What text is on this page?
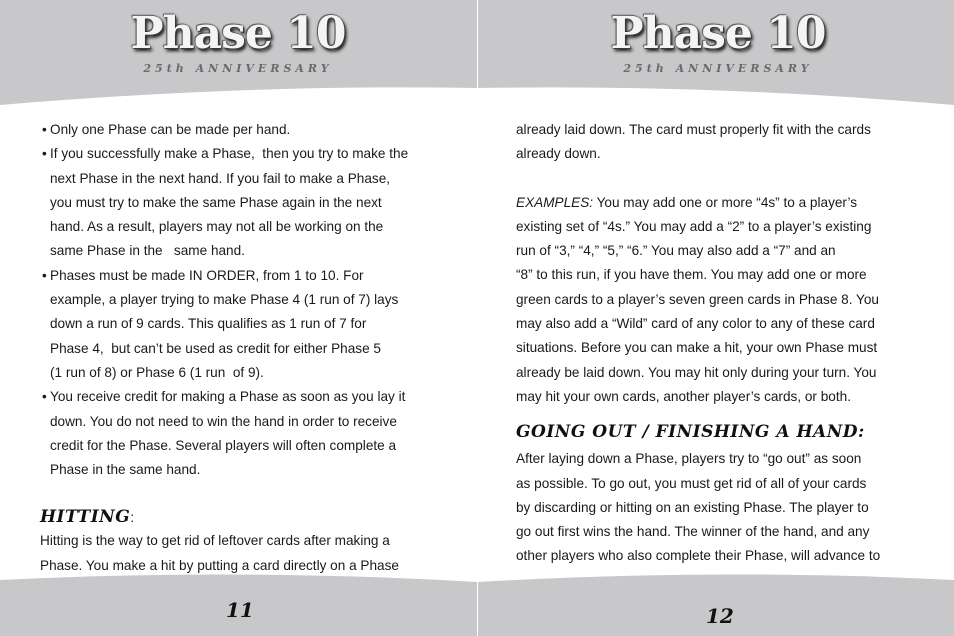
Phase 10
25th ANNIVERSARY
• Only one Phase can be made per hand.
• If you successfully make a Phase,  then you try to make the
next Phase in the next hand. If you fail to make a Phase,
you must try to make the same Phase again in the next
hand. As a result, players may not all be working on the
same Phase in the   same hand.
• Phases must be made IN ORDER, from 1 to 10. For
example, a player trying to make Phase 4 (1 run of 7) lays
down a run of 9 cards. This qualifies as 1 run of 7 for
Phase 4,  but can’t be used as credit for either Phase 5
(1 run of 8) or Phase 6 (1 run  of 9).
• You receive credit for making a Phase as soon as you lay it
down. You do not need to win the hand in order to receive
credit for the Phase. Several players will often complete a
Phase in the same hand.
HITTING:
Hitting is the way to get rid of leftover cards after making a
Phase. You make a hit by putting a card directly on a Phase
11
Phase 10
25th ANNIVERSARY
already laid down. The card must properly fit with the cards
already down.
EXAMPLES: You may add one or more “4s” to a player’s
existing set of “4s.” You may add a “2” to a player’s existing
run of “3,” “4,” “5,” “6.” You may also add a “7” and an
“8” to this run, if you have them. You may add one or more
green cards to a player’s seven green cards in Phase 8. You
may also add a “Wild” card of any color to any of these card
situations. Before you can make a hit, your own Phase must
already be laid down. You may hit only during your turn. You
may hit your own cards, another player’s cards, or both.
GOING OUT / FINISHING A HAND:
After laying down a Phase, players try to “go out” as soon
as possible. To go out, you must get rid of all of your cards
by discarding or hitting on an existing Phase. The player to
go out first wins the hand. The winner of the hand, and any
other players who also complete their Phase, will advance to
12
